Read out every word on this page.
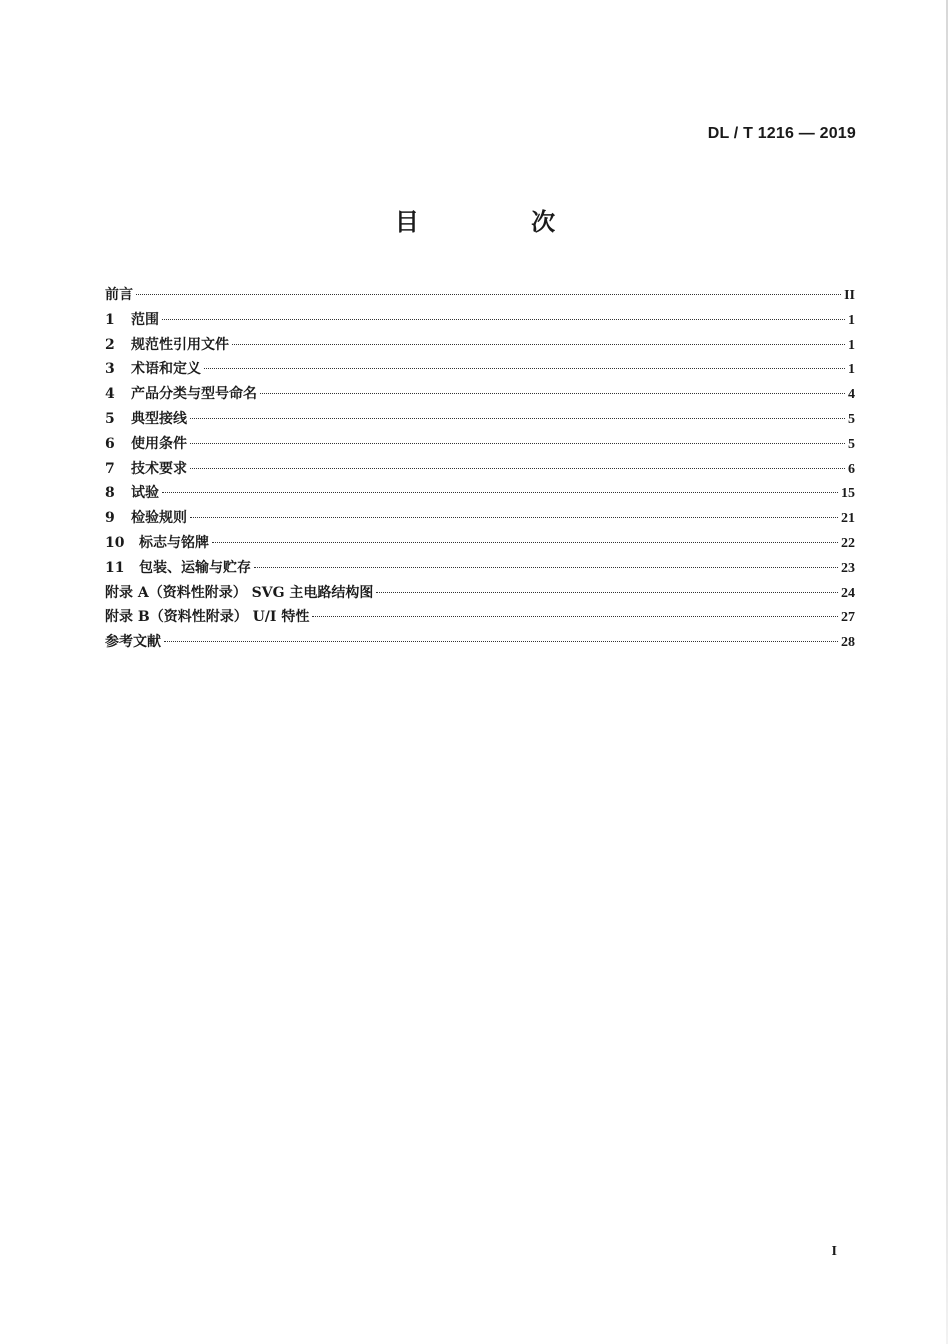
DL / T 1216 — 2019
目 次
前言	II
1	范围	1
2	规范性引用文件	1
3	术语和定义	1
4	产品分类与型号命名	4
5	典型接线	5
6	使用条件	5
7	技术要求	6
8	试验	15
9	检验规则	21
10	标志与铭牌	22
11	包装、运输与贮存	23
附录 A（资料性附录） SVG 主电路结构图	24
附录 B（资料性附录） U/I 特性	27
参考文献	28
I
